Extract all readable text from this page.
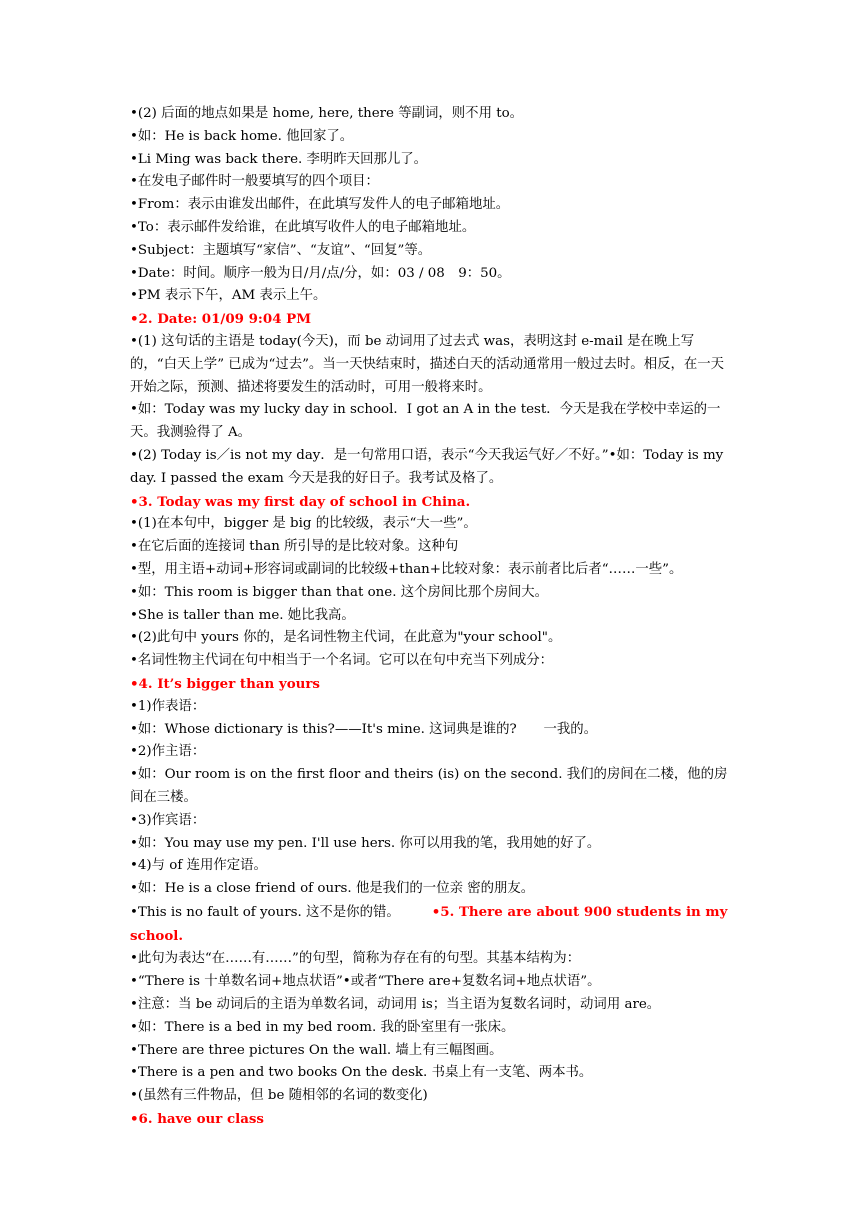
•(2) 后面的地点如果是 home, here, there 等副词，则不用 to。

•如：He is back home. 他回家了。

•Li Ming was back there. 李明昨天回那儿了。

•在发电子邮件时一般要填写的四个项目：

•From：表示由谁发出邮件，在此填写发件人的电子邮箱地址。

•To：表示邮件发给谁，在此填写收件人的电子邮箱地址。

•Subject：主题填写“家信”、“友谊”、“回复”等。

•Date：时间。顺序一般为日/月/点/分，如：03 / 08　9：50。

•PM 表示下午，AM 表示上午。

•2. Date: 01/09 9:04 PM

•(1) 这句话的主语是 today(今天)，而 be 动词用了过去式 was，表明这封 e-mail 是在晚上写的，“白天上学” 已成为“过去”。当一天快结束时，描述白天的活动通常用一般过去时。相反，在一天开始之际，预测、描述将要发生的活动时，可用一般将来时。

•如：Today was my lucky day in school．I got an A in the test．今天是我在学校中幸运的一天。我测验得了 A。

•(2) Today is／is not my day．是一句常用口语，表示“今天我运气好／不好。”•如：Today is my day. I passed the exam 今天是我的好日子。我考试及格了。

•3. Today was my first day of school in China.

•(1)在本句中，bigger 是 big 的比较级，表示“大一些”。

•在它后面的连接词 than 所引导的是比较对象。这种句

•型，用主语+动词+形容词或副词的比较级+than+比较对象：表示前者比后者“……一些”。

•如：This room is bigger than that one. 这个房间比那个房间大。

•She is taller than me. 她比我高。

•(2)此句中 yours 你的，是名词性物主代词，在此意为"your school"。

•名词性物主代词在句中相当于一个名词。它可以在句中充当下列成分：

•4. It’s bigger than yours

•1)作表语：

•如：Whose dictionary is this?——It's mine. 这词典是谁的?　　一我的。

•2)作主语：

•如：Our room is on the first floor and theirs (is) on the second. 我们的房间在二楼，他的房间在三楼。

•3)作宾语：

•如：You may use my pen. I'll use hers. 你可以用我的笔，我用她的好了。

•4)与 of 连用作定语。

•如：He is a close friend of ours. 他是我们的一位亲 密的朋友。

•This is no fault of yours. 这不是你的错。 •5. There are about 900 students in my school.

•此句为表达“在……有……”的句型，简称为存在有的句型。其基本结构为：

•“There is 十单数名词+地点状语”•或者“There are+复数名词+地点状语”。

•注意：当 be 动词后的主语为单数名词，动词用 is；当主语为复数名词时，动词用 are。

•如：There is a bed in my bed room. 我的卧室里有一张床。

•There are three pictures On the wall. 墙上有三幅图画。

•There is a pen and two books On the desk. 书桌上有一支笔、两本书。

•(虽然有三件物品，但 be 随相邻的名词的数变化)

•6. have our class
